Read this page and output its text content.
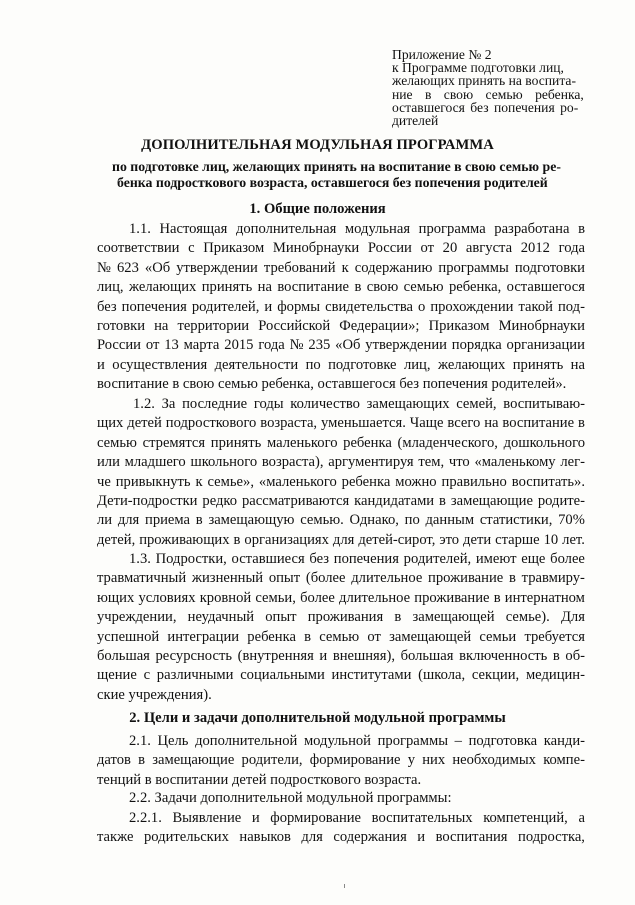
Приложение № 2
к Программе подготовки лиц,
желающих принять на воспита-
ние в свою семью ребенка,
оставшегося без попечения ро-
дителей
ДОПОЛНИТЕЛЬНАЯ МОДУЛЬНАЯ ПРОГРАММА
по подготовке лиц, желающих принять на воспитание в свою семью ре-
бенка подросткового возраста, оставшегося без попечения родителей
1. Общие положения
1.1. Настоящая дополнительная модульная программа разработана в
соответствии с Приказом Минобрнауки России от 20 августа 2012 года
№ 623 «Об утверждении требований к содержанию программы подготовки
лиц, желающих принять на воспитание в свою семью ребенка, оставшегося
без попечения родителей, и формы свидетельства о прохождении такой под-
готовки на территории Российской Федерации»; Приказом Минобрнауки
России от 13 марта 2015 года № 235 «Об утверждении порядка организации
и осуществления деятельности по подготовке лиц, желающих принять на
воспитание в свою семью ребенка, оставшегося без попечения родителей».
1.2. За последние годы количество замещающих семей, воспитываю-
щих детей подросткового возраста, уменьшается. Чаще всего на воспитание в
семью стремятся принять маленького ребенка (младенческого, дошкольного
или младшего школьного возраста), аргументируя тем, что «маленькому лег-
че привыкнуть к семье», «маленького ребенка можно правильно воспитать».
Дети-подростки редко рассматриваются кандидатами в замещающие родите-
ли для приема в замещающую семью. Однако, по данным статистики, 70%
детей, проживающих в организациях для детей-сирот, это дети старше 10 лет.
1.3. Подростки, оставшиеся без попечения родителей, имеют еще более
травматичный жизненный опыт (более длительное проживание в травмиру-
ющих условиях кровной семьи, более длительное проживание в интернатном
учреждении, неудачный опыт проживания в замещающей семье). Для
успешной интеграции ребенка в семью от замещающей семьи требуется
большая ресурсность (внутренняя и внешняя), большая включенность в об-
щение с различными социальными институтами (школа, секции, медицин-
ские учреждения).
2. Цели и задачи дополнительной модульной программы
2.1. Цель дополнительной модульной программы – подготовка канди-
датов в замещающие родители, формирование у них необходимых компе-
тенций в воспитании детей подросткового возраста.
2.2. Задачи дополнительной модульной программы:
2.2.1. Выявление и формирование воспитательных компетенций, а
также родительских навыков для содержания и воспитания подростка,
